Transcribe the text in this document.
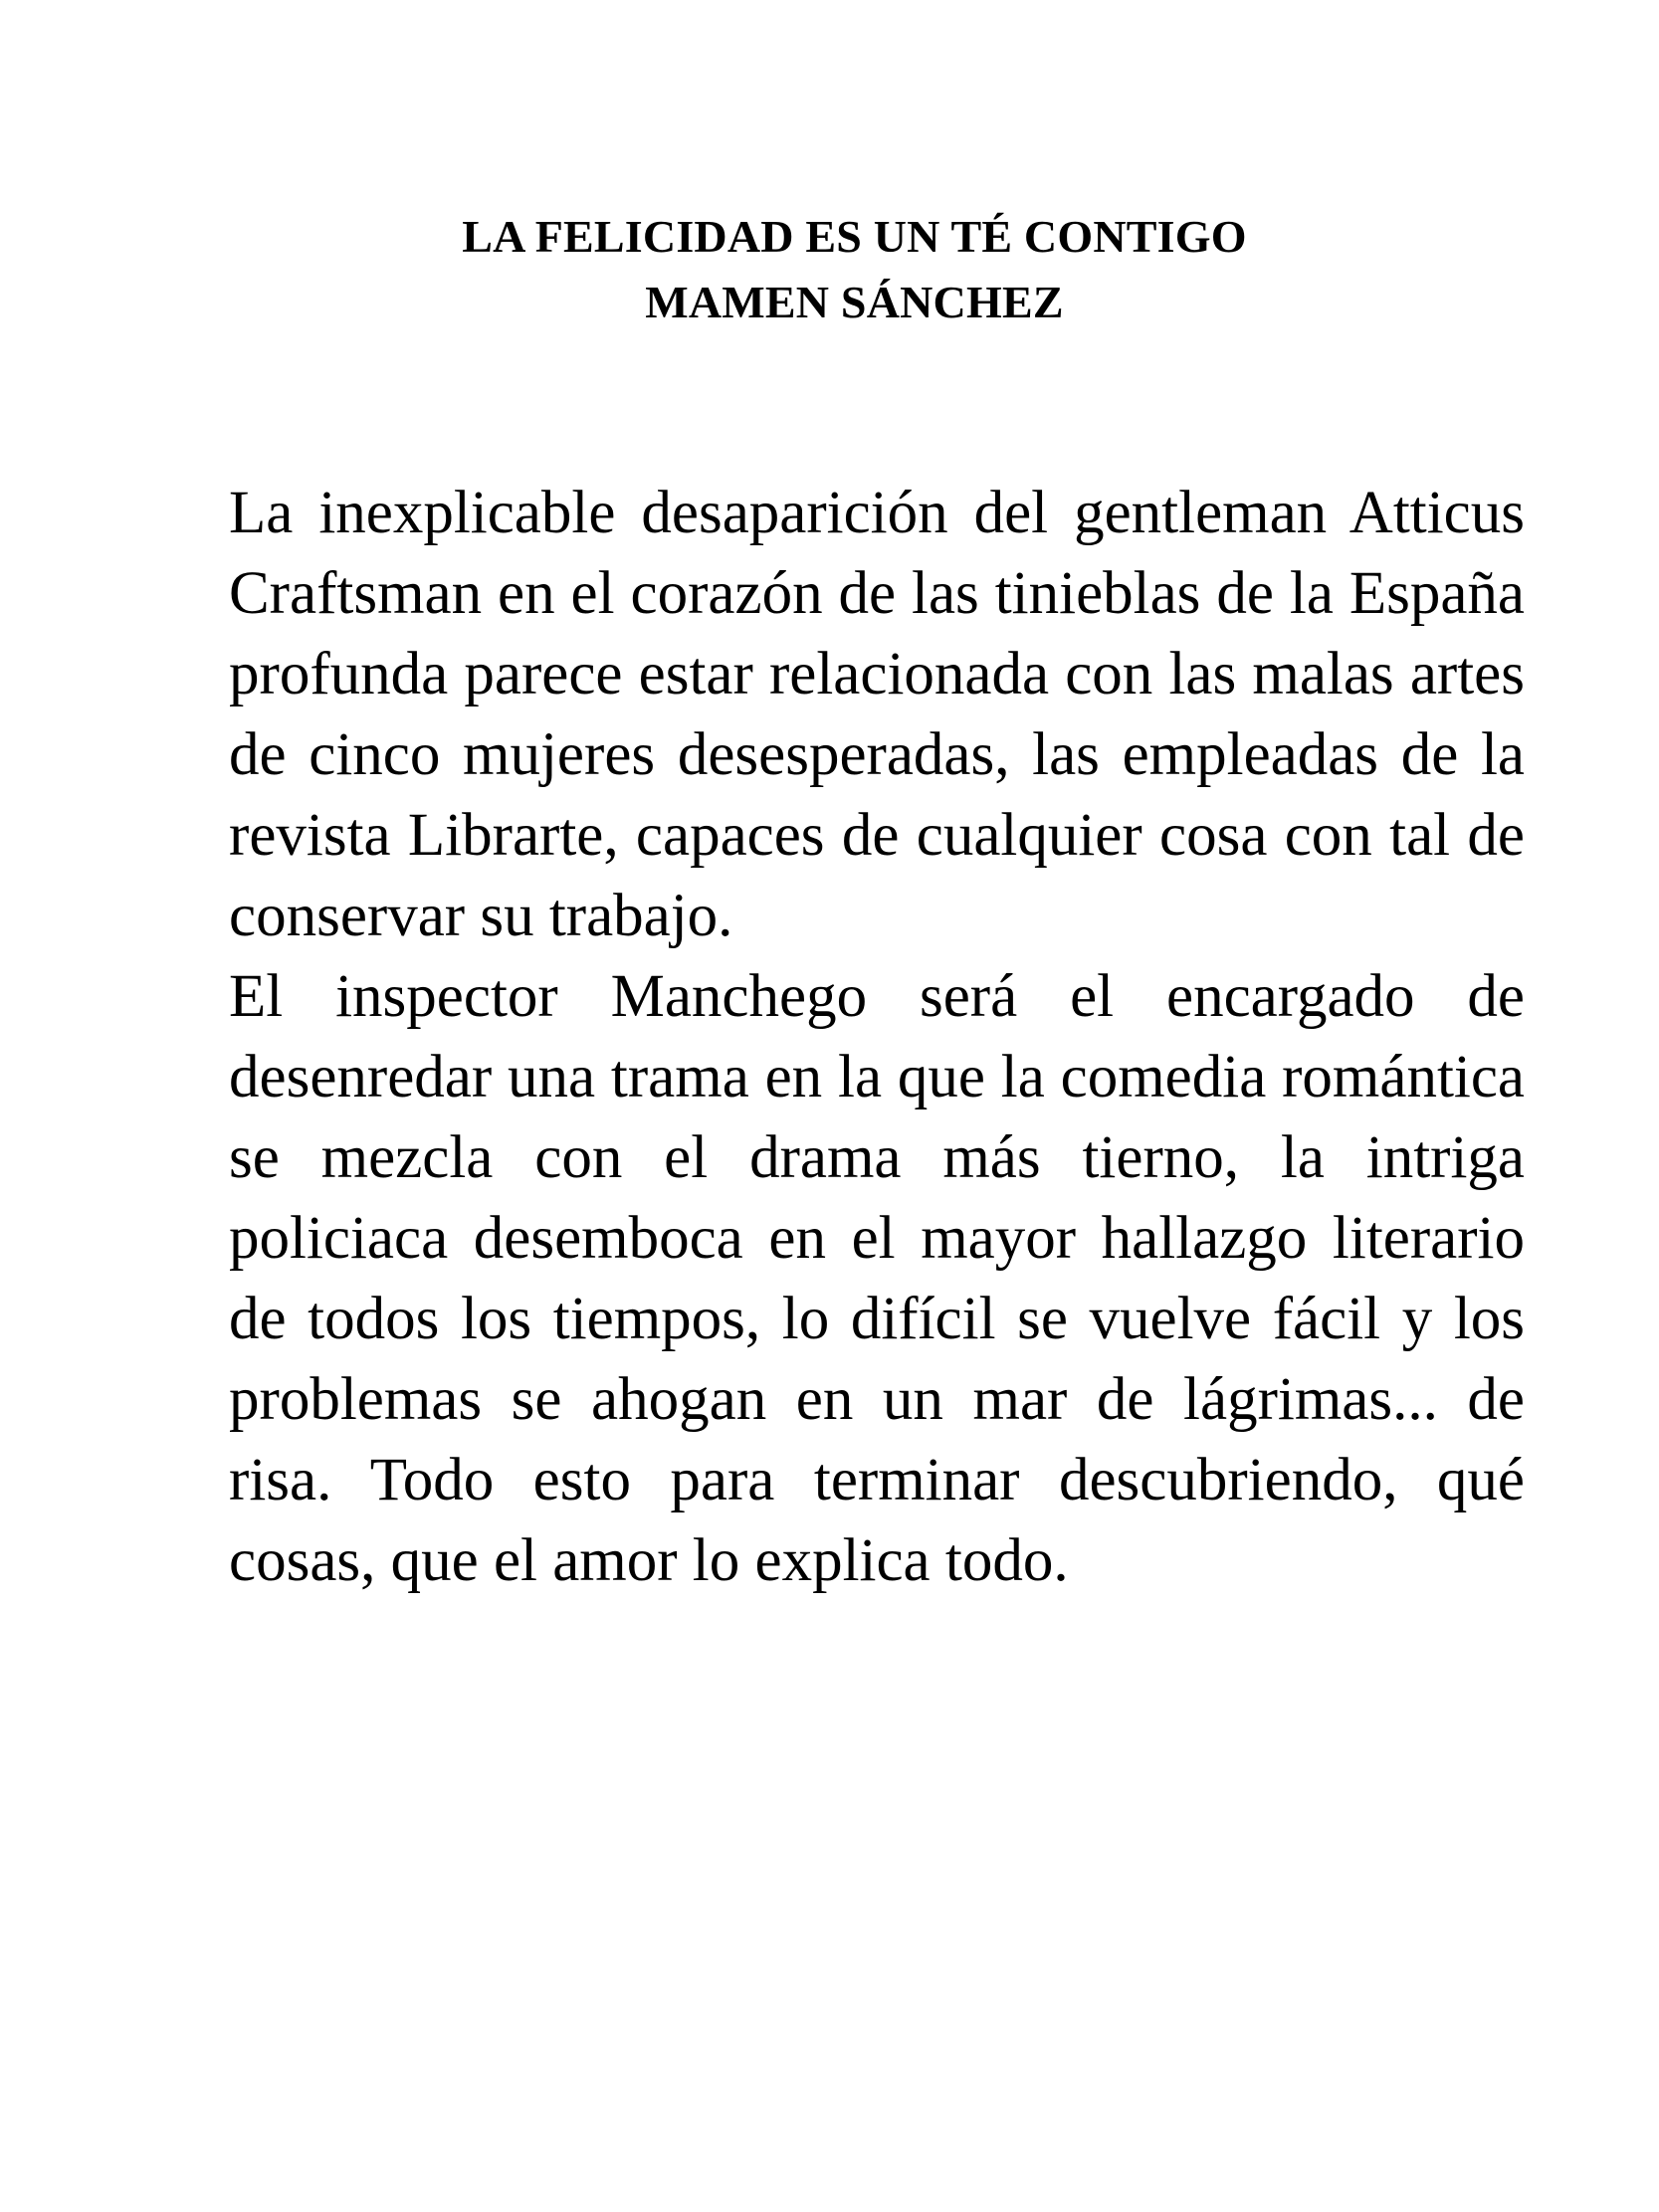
LA FELICIDAD ES UN TÉ CONTIGO
MAMEN SÁNCHEZ

La inexplicable desaparición del gentleman Atticus Craftsman en el corazón de las tinieblas de la España profunda parece estar relacionada con las malas artes de cinco mujeres desesperadas, las empleadas de la revista Librarte, capaces de cualquier cosa con tal de conservar su trabajo.

El inspector Manchego será el encargado de desenredar una trama en la que la comedia romántica se mezcla con el drama más tierno, la intriga policiaca desemboca en el mayor hallazgo literario de todos los tiempos, lo difícil se vuelve fácil y los problemas se ahogan en un mar de lágrimas... de risa. Todo esto para terminar descubriendo, qué cosas, que el amor lo explica todo.
